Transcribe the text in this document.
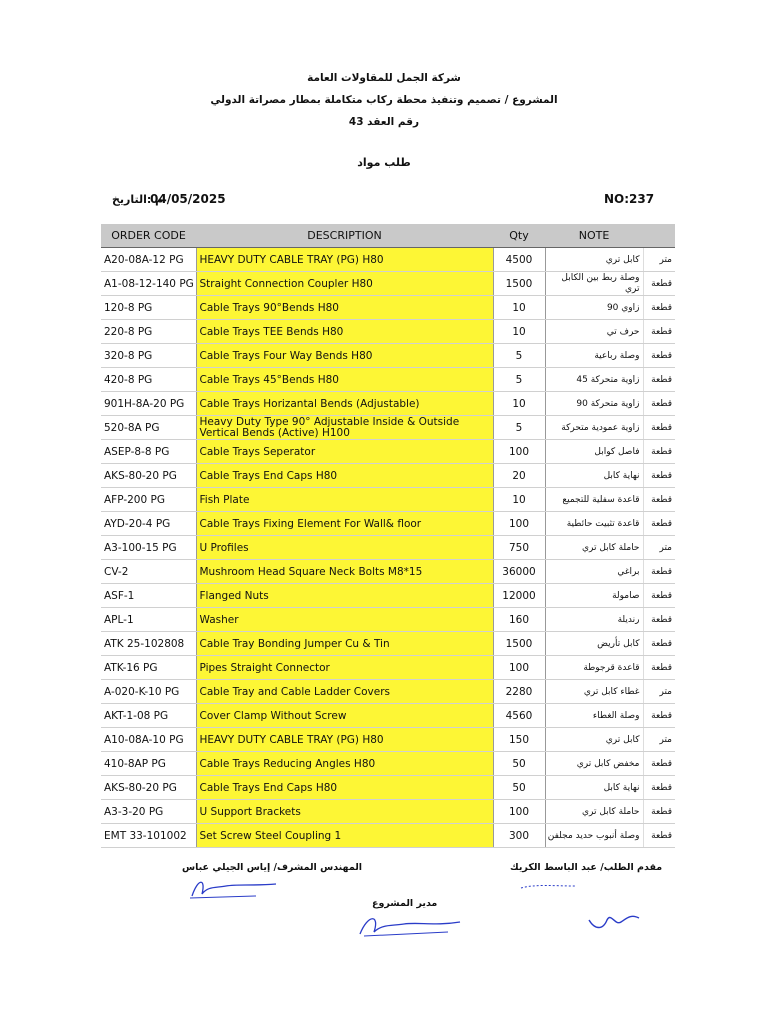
شركة الجمل للمقاولات العامة
المشروع / تصميم وتنفيذ محطة ركاب متكاملة بمطار مصراتة الدولي
رقم العقد 43
طلب مواد
م :التاريخ
04/05/2025	NO:237
ORDER CODE	DESCRIPTION	Qty	NOTE	
A20-08A-12 PG	HEAVY DUTY CABLE TRAY (PG) H80	4500	كابل تري	متر
A1-08-12-140 PG	Straight Connection Coupler H80	1500	وصلة ربط بين الكابل تري	قطعة
120-8 PG	Cable Trays 90°Bends H80	10	زاوي 90	قطعة
220-8 PG	Cable Trays TEE Bends H80	10	حرف تي	قطعة
320-8 PG	Cable Trays Four Way Bends H80	5	وصلة رباعية	قطعة
420-8 PG	Cable Trays 45°Bends H80	5	زاوية متحركة 45	قطعة
901H-8A-20 PG	Cable Trays Horizantal Bends (Adjustable)	10	زاوية متحركة 90	قطعة
520-8A PG	Heavy Duty Type 90° Adjustable Inside & Outside Vertical Bends (Active) H100	5	زاوية عمودية متحركة	قطعة
ASEP-8-8 PG	Cable Trays Seperator	100	فاصل كوابل	قطعة
AKS-80-20 PG	Cable Trays End Caps H80	20	نهاية كابل	قطعة
AFP-200 PG	Fish Plate	10	قاعدة سفلية للتجميع	قطعة
AYD-20-4 PG	Cable Trays Fixing Element For Wall& floor	100	قاعدة تثبيت حائطية	قطعة
A3-100-15 PG	U Profiles	750	حاملة كابل تري	متر
CV-2	Mushroom Head Square Neck Bolts M8*15	36000	براغي	قطعة
ASF-1	Flanged Nuts	12000	صامولة	قطعة
APL-1	Washer	160	رنديلة	قطعة
ATK 25-102808	Cable Tray Bonding Jumper Cu & Tin	1500	كابل تأريض	قطعة
ATK-16 PG	Pipes Straight Connector	100	قاعدة قرجوطة	قطعة
A-020-K-10 PG	Cable Tray and Cable Ladder Covers	2280	غطاء كابل تري	متر
AKT-1-08 PG	Cover Clamp Without Screw	4560	وصلة الغطاء	قطعة
A10-08A-10 PG	HEAVY DUTY CABLE TRAY (PG) H80	150	كابل تري	متر
410-8AP PG	Cable Trays Reducing Angles H80	50	مخفض كابل تري	قطعة
AKS-80-20 PG	Cable Trays End Caps H80	50	نهاية كابل	قطعة
A3-3-20 PG	U Support Brackets	100	حاملة كابل تري	قطعة
EMT 33-101002	Set Screw Steel Coupling 1	300	وصلة أنبوب حديد مجلفن	قطعة
المهندس المشرف/ إياس الجيلي عباس	مقدم الطلب/ عبد الباسط الكريك
مدير المشروع
